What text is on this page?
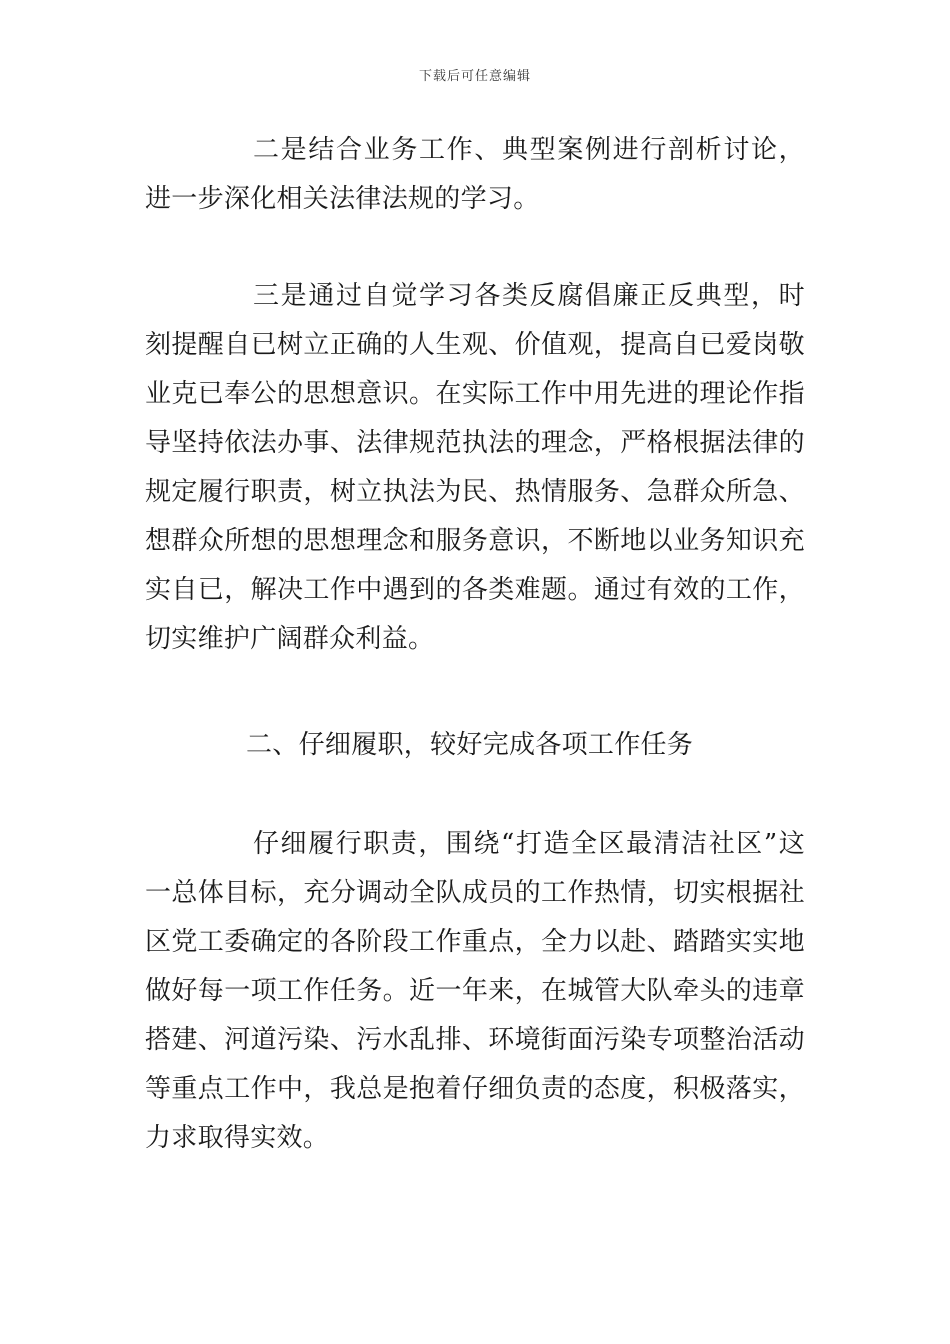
下载后可任意编辑

二是结合业务工作、典型案例进行剖析讨论，进一步深化相关法律法规的学习。

三是通过自觉学习各类反腐倡廉正反典型，时刻提醒自已树立正确的人生观、价值观，提高自已爱岗敬业克已奉公的思想意识。在实际工作中用先进的理论作指导坚持依法办事、法律规范执法的理念，严格根据法律的规定履行职责，树立执法为民、热情服务、急群众所急、想群众所想的思想理念和服务意识，不断地以业务知识充实自已，解决工作中遇到的各类难题。通过有效的工作，切实维护广阔群众利益。

二、仔细履职，较好完成各项工作任务

仔细履行职责，围绕“打造全区最清洁社区”这一总体目标，充分调动全队成员的工作热情，切实根据社区党工委确定的各阶段工作重点，全力以赴、踏踏实实地做好每一项工作任务。近一年来，在城管大队牵头的违章搭建、河道污染、污水乱排、环境街面污染专项整治活动等重点工作中，我总是抱着仔细负责的态度，积极落实，力求取得实效。
